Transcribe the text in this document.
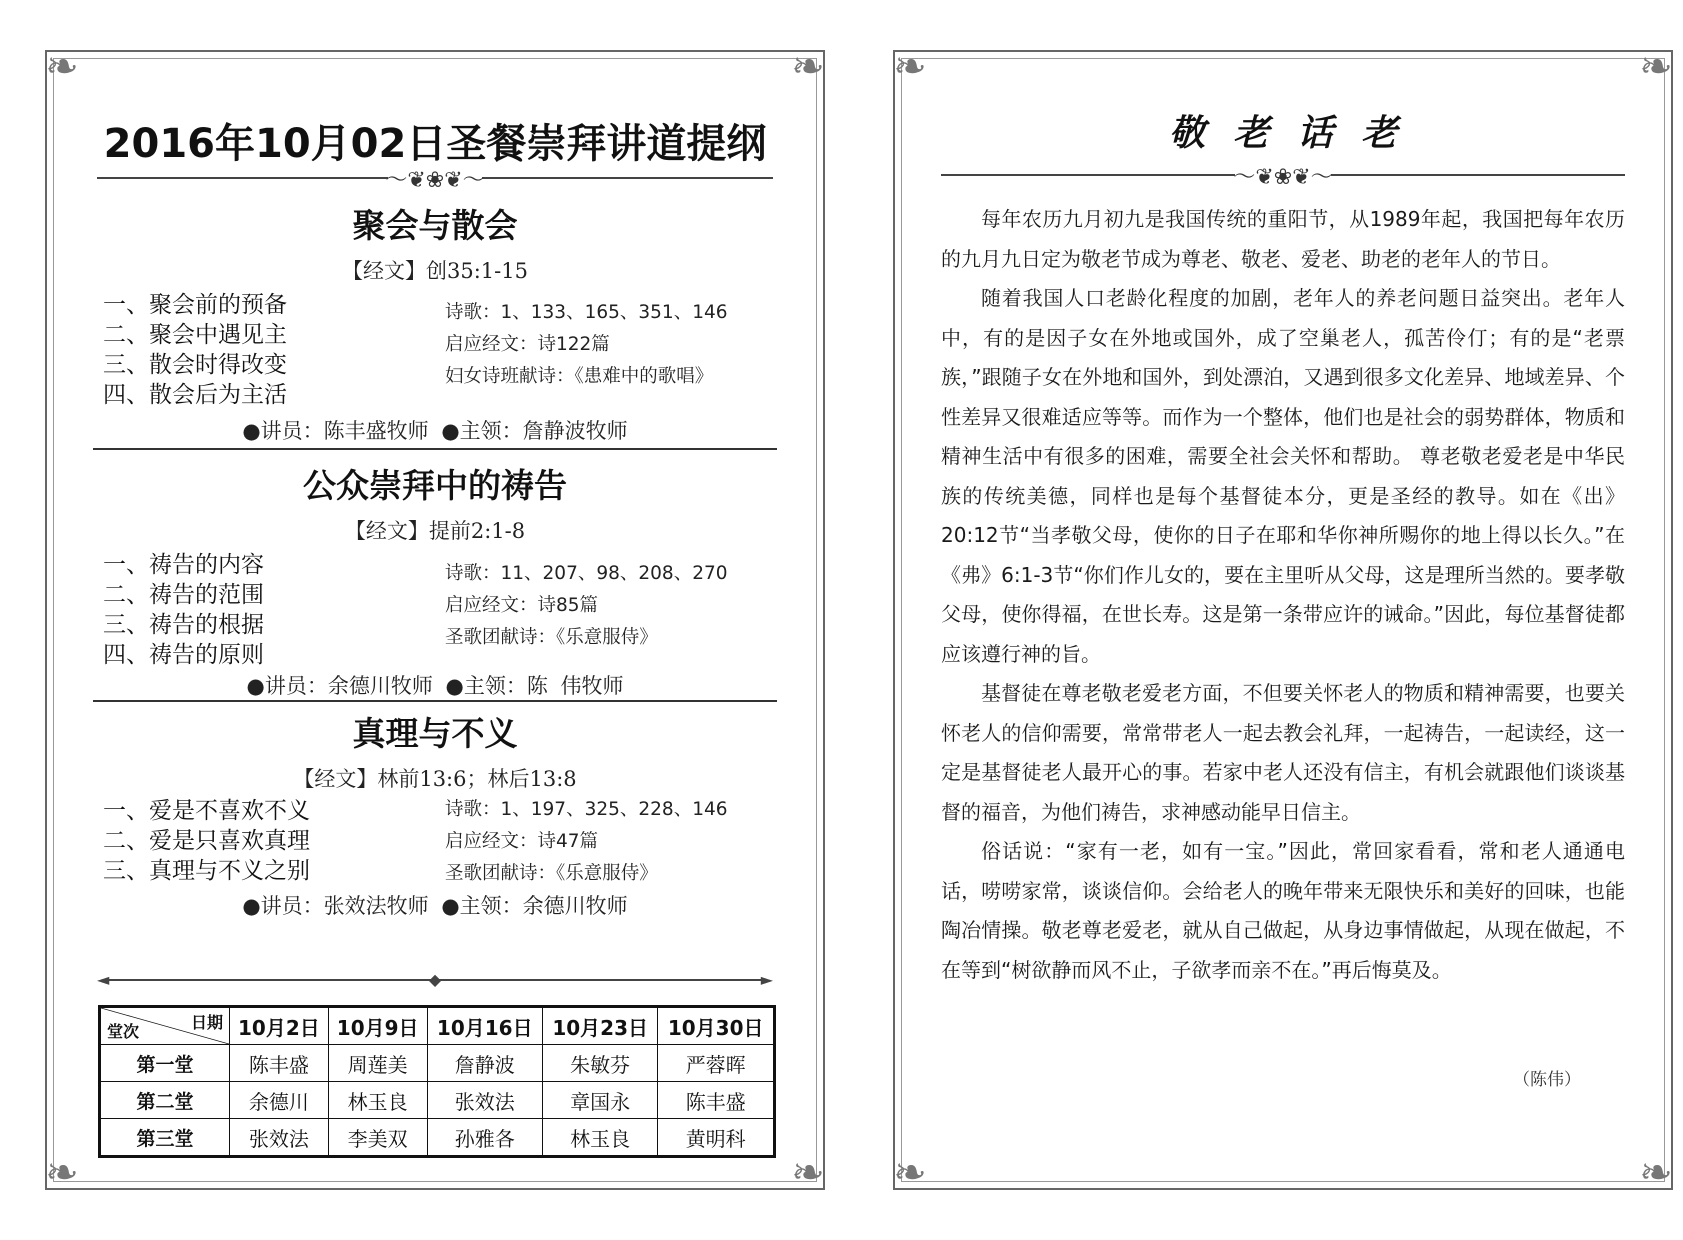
❧	❧
❧	❧
2016年10月02日圣餐崇拜讲道提纲
～❦❀❦～
聚会与散会
【经文】创35:1-15
一、聚会前的预备
二、聚会中遇见主
三、散会时得改变
四、散会后为主活
诗歌：1、133、165、351、146
启应经文：诗122篇
妇女诗班献诗：《患难中的歌唱》
●讲员：陈丰盛牧师 ●主领：詹静波牧师
公众崇拜中的祷告
【经文】提前2:1-8
一、祷告的内容
二、祷告的范围
三、祷告的根据
四、祷告的原则
诗歌：11、207、98、208、270
启应经文：诗85篇
圣歌团献诗：《乐意服侍》
●讲员：余德川牧师 ●主领：陈 伟牧师
真理与不义
【经文】林前13:6；林后13:8
一、爱是不喜欢不义
二、爱是只喜欢真理
三、真理与不义之别
诗歌：1、197、325、228、146
启应经文：诗47篇
圣歌团献诗：《乐意服侍》
●讲员：张效法牧师 ●主领：余德川牧师
◄	◆	►
日期
堂次	10月2日	10月9日	10月16日	10月23日	10月30日
第一堂	陈丰盛	周莲美	詹静波	朱敏芬	严蓉晖
第二堂	余德川	林玉良	张效法	章国永	陈丰盛
第三堂	张效法	李美双	孙雅各	林玉良	黄明科
❧	❧
❧	❧
敬老话老
～❦❀❦～

每年农历九月初九是我国传统的重阳节，从1989年起，我国把每年农历的九月九日定为敬老节成为尊老、敬老、爱老、助老的老年人的节日。

随着我国人口老龄化程度的加剧，老年人的养老问题日益突出。老年人中，有的是因子女在外地或国外，成了空巢老人，孤苦伶仃；有的是“老票族，”跟随子女在外地和国外，到处漂泊，又遇到很多文化差异、地域差异、个性差异又很难适应等等。而作为一个整体，他们也是社会的弱势群体，物质和精神生活中有很多的困难，需要全社会关怀和帮助。 尊老敬老爱老是中华民族的传统美德，同样也是每个基督徒本分，更是圣经的教导。如在《出》20:12节“当孝敬父母，使你的日子在耶和华你神所赐你的地上得以长久。”在《弗》6:1-3节“你们作儿女的，要在主里听从父母，这是理所当然的。要孝敬父母，使你得福，在世长寿。这是第一条带应许的诫命。”因此，每位基督徒都应该遵行神的旨。

基督徒在尊老敬老爱老方面，不但要关怀老人的物质和精神需要，也要关怀老人的信仰需要，常常带老人一起去教会礼拜，一起祷告，一起读经，这一定是基督徒老人最开心的事。若家中老人还没有信主，有机会就跟他们谈谈基督的福音，为他们祷告，求神感动能早日信主。

俗话说：“家有一老，如有一宝。”因此，常回家看看，常和老人通通电话，唠唠家常，谈谈信仰。会给老人的晚年带来无限快乐和美好的回味，也能陶冶情操。敬老尊老爱老，就从自己做起，从身边事情做起，从现在做起，不在等到“树欲静而风不止，子欲孝而亲不在。”再后悔莫及。

（陈伟）
